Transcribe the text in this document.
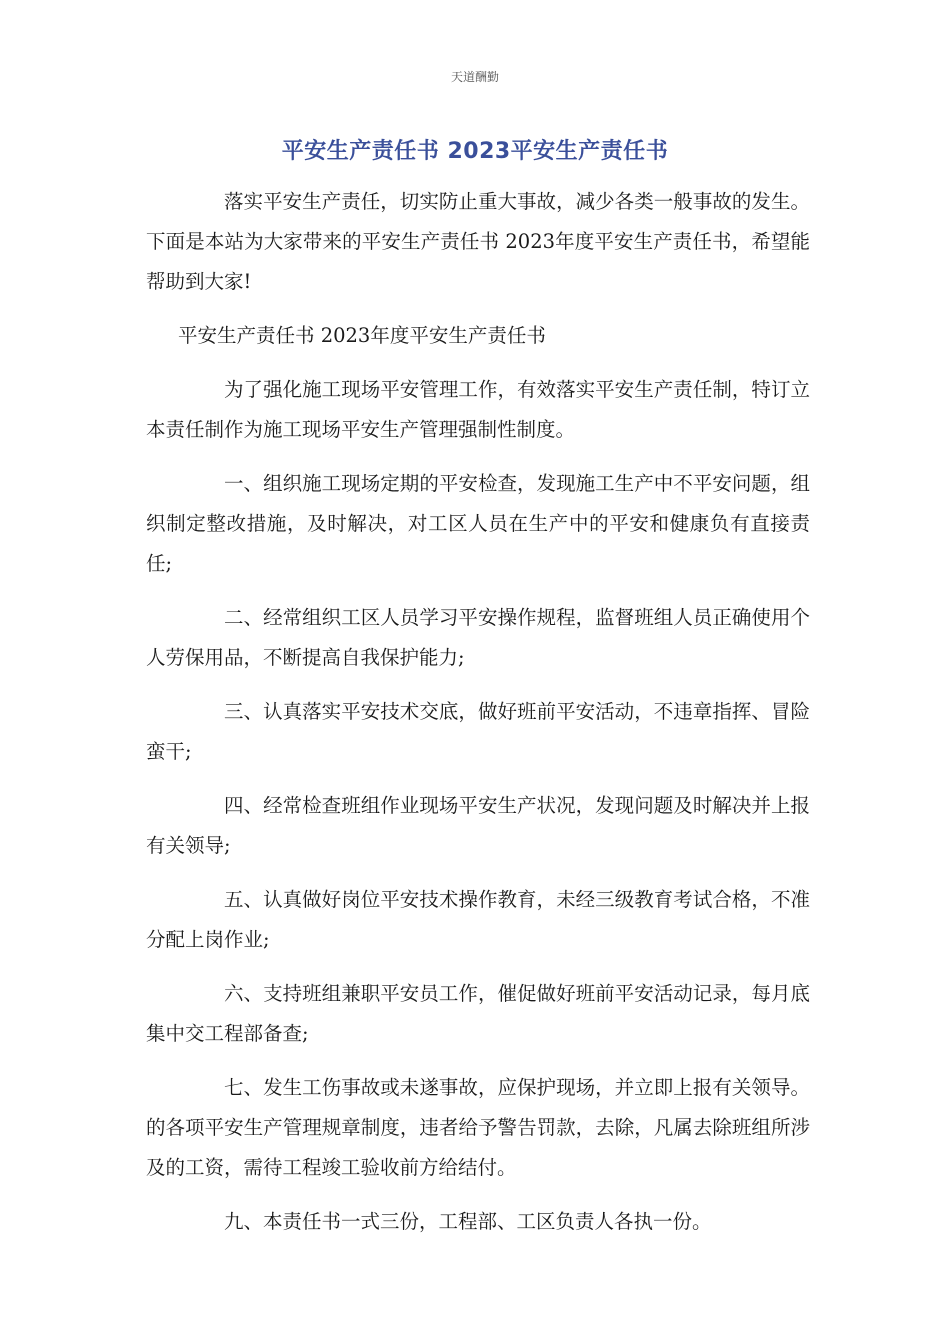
天道酬勤
平安生产责任书 2023平安生产责任书

落实平安生产责任，切实防止重大事故，减少各类一般事故的发生。下面是本站为大家带来的平安生产责任书 2023年度平安生产责任书，希望能帮助到大家!

平安生产责任书 2023年度平安生产责任书

为了强化施工现场平安管理工作，有效落实平安生产责任制，特订立本责任制作为施工现场平安生产管理强制性制度。

一、组织施工现场定期的平安检查，发现施工生产中不平安问题，组织制定整改措施，及时解决，对工区人员在生产中的平安和健康负有直接责任;

二、经常组织工区人员学习平安操作规程，监督班组人员正确使用个人劳保用品，不断提高自我保护能力;

三、认真落实平安技术交底，做好班前平安活动，不违章指挥、冒险蛮干;

四、经常检查班组作业现场平安生产状况，发现问题及时解决并上报有关领导;

五、认真做好岗位平安技术操作教育，未经三级教育考试合格，不准分配上岗作业;

六、支持班组兼职平安员工作，催促做好班前平安活动记录，每月底集中交工程部备查;

七、发生工伤事故或未遂事故，应保护现场，并立即上报有关领导。的各项平安生产管理规章制度，违者给予警告罚款，去除，凡属去除班组所涉及的工资，需待工程竣工验收前方给结付。

九、本责任书一式三份，工程部、工区负责人各执一份。
